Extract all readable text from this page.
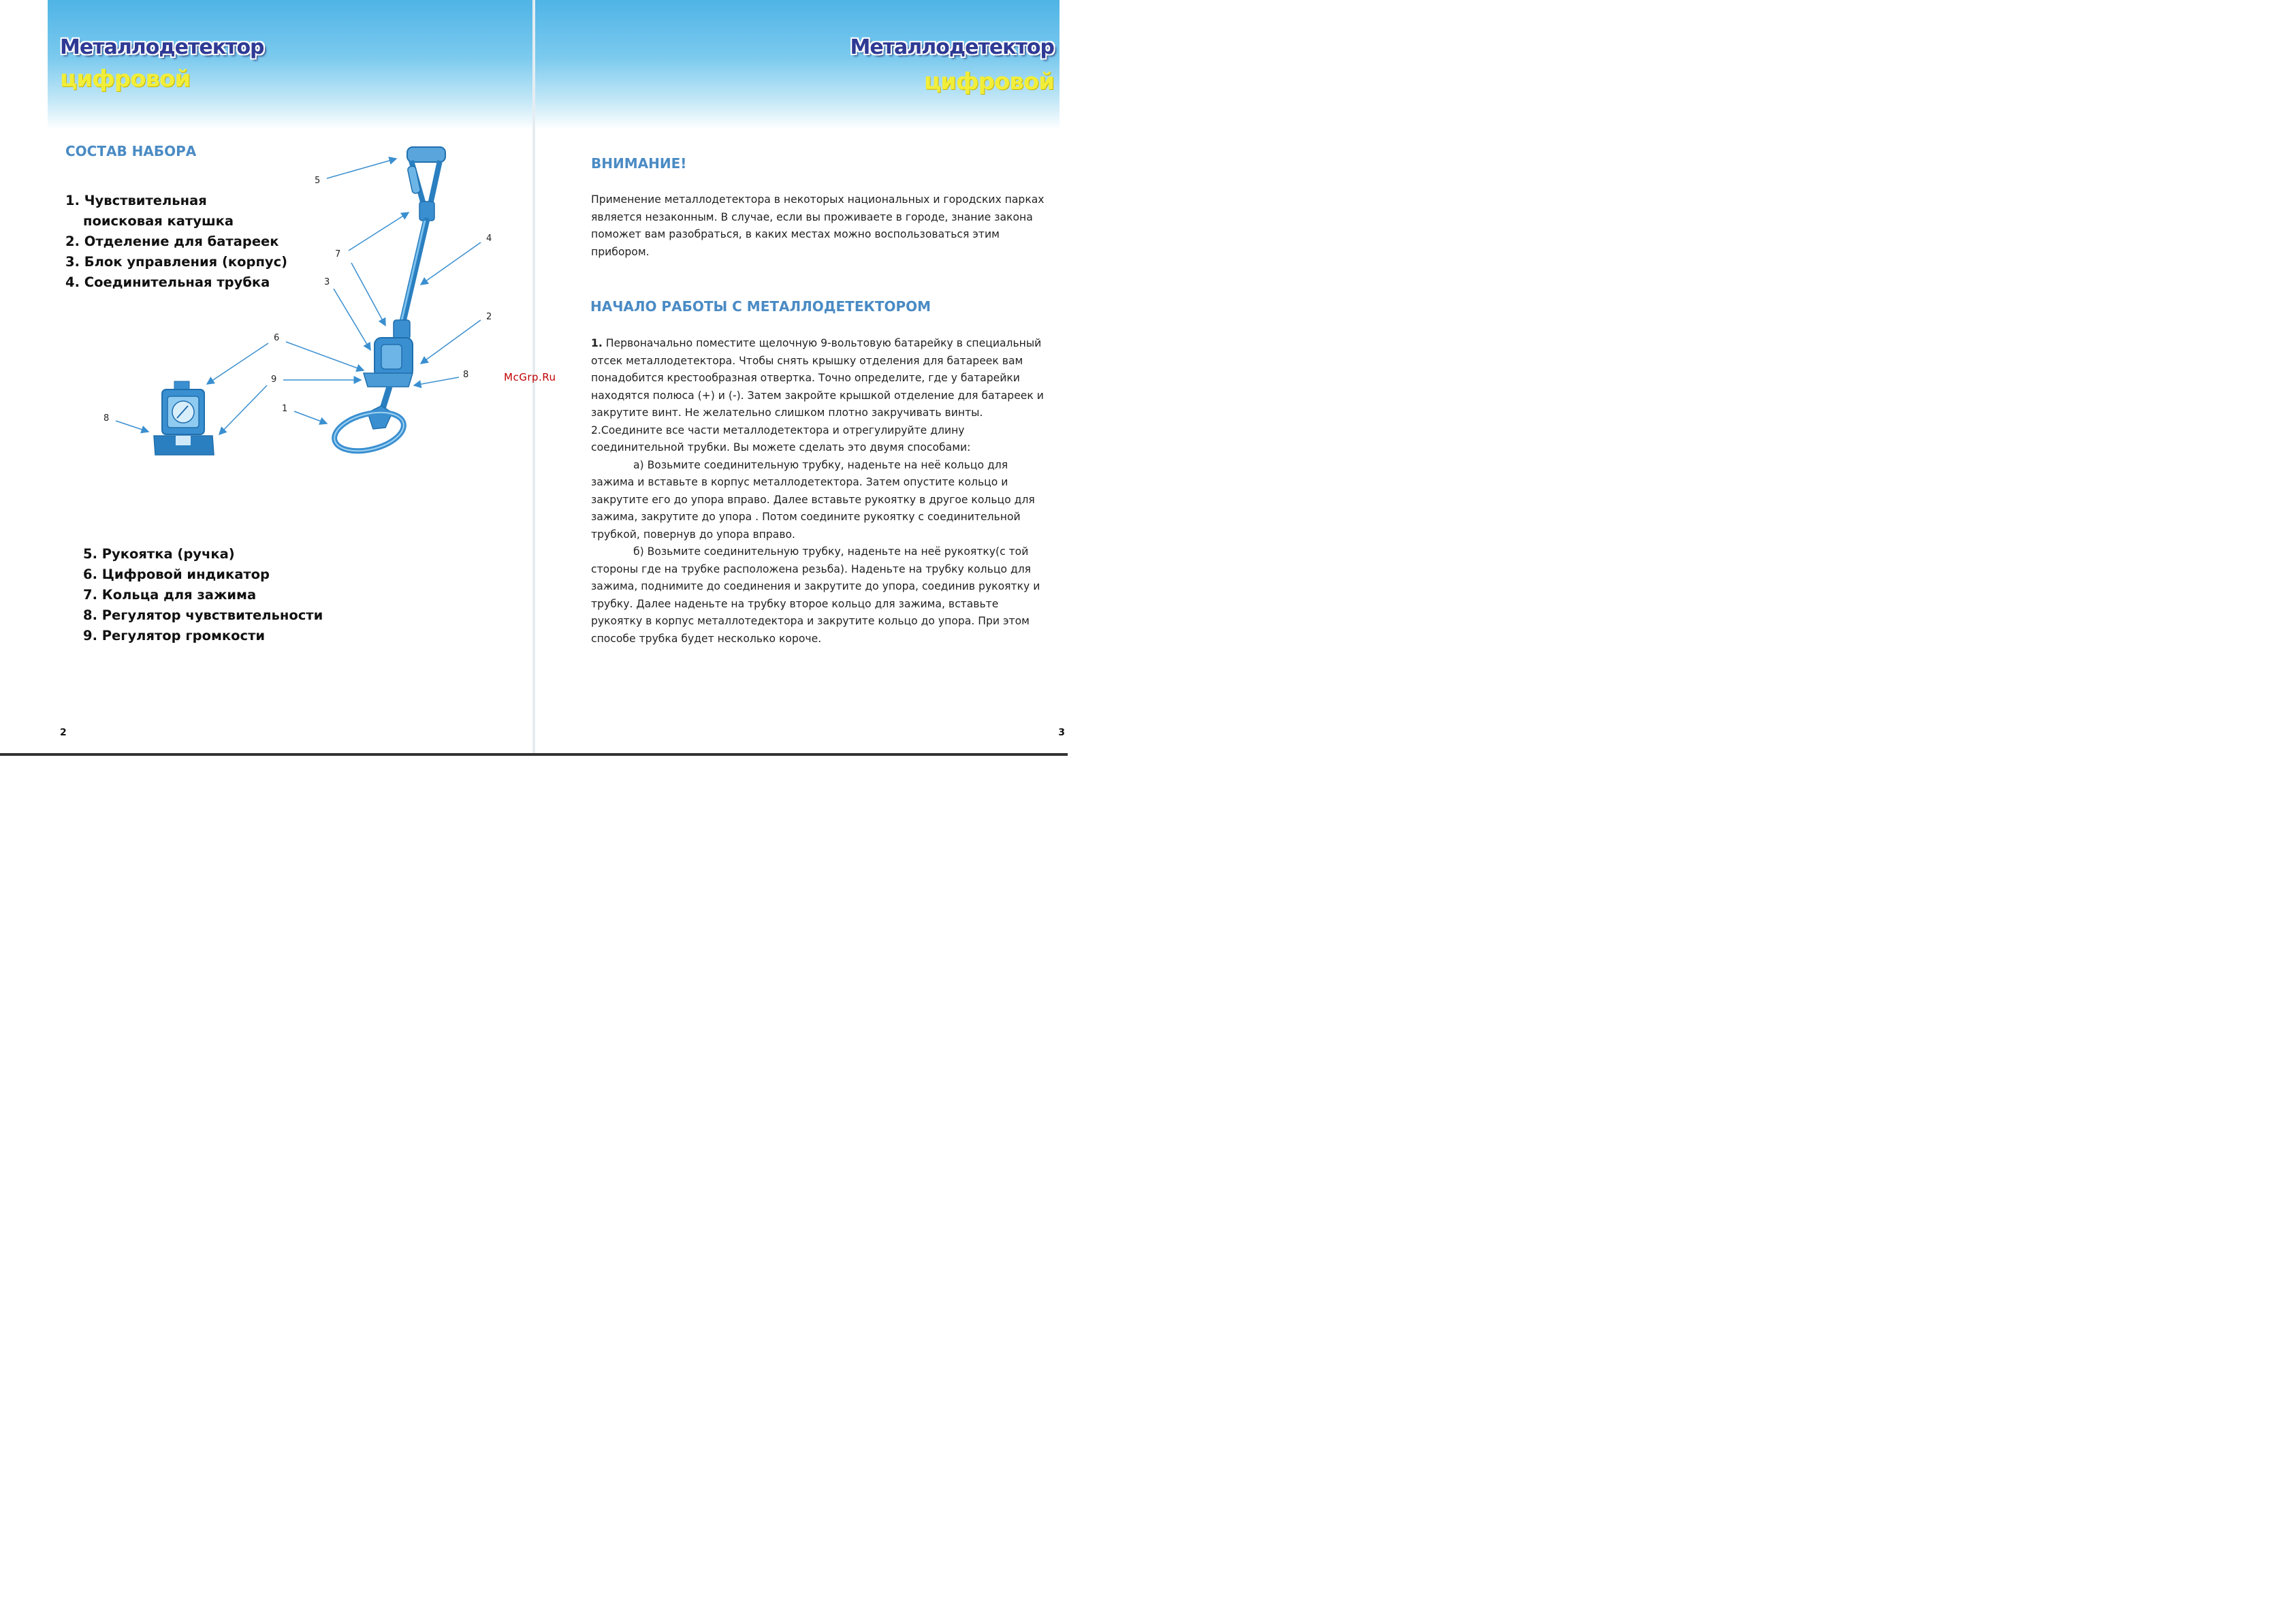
Металлодетектор
цифровой
СОСТАВ НАБОРА
1. Чувствительная
поисковая катушка
2. Отделение для батареек
3. Блок управления (корпус)
4. Соединительная трубка
5
7
4
3
2
6
9	8
1
8
5. Рукоятка (ручка)
6. Цифровой индикатор
7. Кольца для зажима
8. Регулятор чувствительности
9. Регулятор громкости
2
Металлодетектор
цифровой
3
ВНИМАНИЕ!

Применение металлодетектора в некоторых национальных и городских парках является незаконным. В случае, если вы проживаете в городе, знание закона поможет вам разобраться, в каких местах можно воспользоваться этим прибором.

НАЧАЛО РАБОТЫ С МЕТАЛЛОДЕТЕКТОРОМ

1. Первоначально поместите щелочную 9-вольтовую батарейку в специальный отсек металлодетектора. Чтобы снять крышку отделения для батареек вам понадобится крестообразная отвертка. Точно определите, где у батарейки находятся полюса (+) и (-). Затем закройте крышкой отделение для батареек и закрутите винт. Не желательно слишком плотно закручивать винты.

2.Соедините все части металлодетектора и отрегулируйте длину соединительной трубки. Вы можете сделать это двумя способами:

а) Возьмите соединительную трубку, наденьте на неё кольцо для зажима и вставьте в корпус металлодетектора. Затем опустите кольцо и закрутите его до упора вправо. Далее вставьте рукоятку в другое кольцо для зажима, закрутите до упора . Потом соедините рукоятку с соединительной трубкой, повернув до упора вправо.

б) Возьмите соединительную трубку, наденьте на неё рукоятку(с той стороны где на трубке расположена резьба). Наденьте на трубку кольцо для зажима, поднимите до соединения и закрутите до упора, соединив рукоятку и трубку. Далее наденьте на трубку второе кольцо для зажима, вставьте рукоятку в корпус металлотедектора и закрутите кольцо до упора. При этом способе трубка будет несколько короче.

McGrp.Ru
